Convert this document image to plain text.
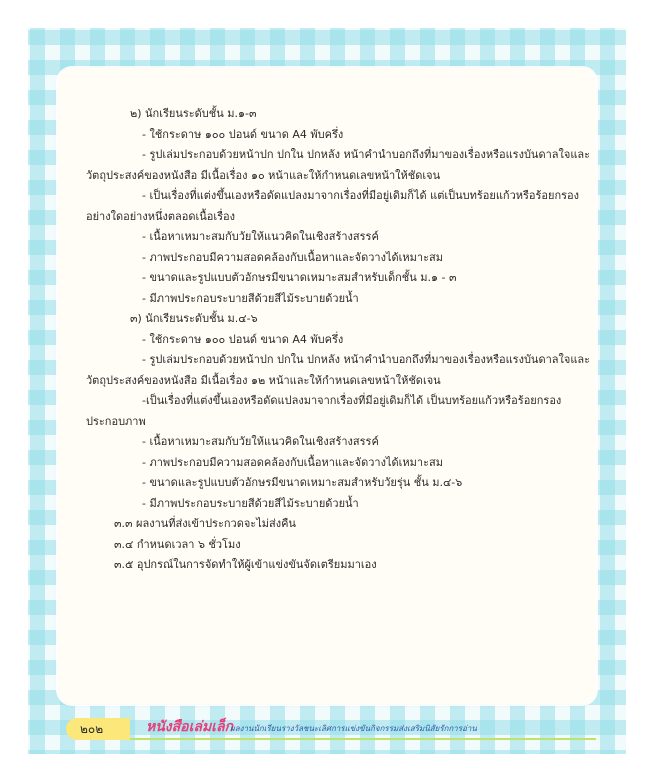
๒) นักเรียนระดับชั้น ม.๑-๓
- ใช้กระดาษ ๑๐๐ ปอนด์ ขนาด A4 พับครึ่ง
- รูปเล่มประกอบด้วยหน้าปก ปกใน ปกหลัง หน้าคำนำบอกถึงที่มาของเรื่องหรือแรงบันดาลใจและ
วัตถุประสงค์ของหนังสือ มีเนื้อเรื่อง ๑๐ หน้าและให้กำหนดเลขหน้าให้ชัดเจน
- เป็นเรื่องที่แต่งขึ้นเองหรือดัดแปลงมาจากเรื่องที่มีอยู่เดิมก็ได้ แต่เป็นบทร้อยแก้วหรือร้อยกรอง
อย่างใดอย่างหนึ่งตลอดเนื้อเรื่อง
- เนื้อหาเหมาะสมกับวัยให้แนวคิดในเชิงสร้างสรรค์
- ภาพประกอบมีความสอดคล้องกับเนื้อหาและจัดวางได้เหมาะสม
- ขนาดและรูปแบบตัวอักษรมีขนาดเหมาะสมสำหรับเด็กชั้น ม.๑ - ๓
- มีภาพประกอบระบายสีด้วยสีไม้ระบายด้วยน้ำ
๓) นักเรียนระดับชั้น ม.๔-๖
- ใช้กระดาษ ๑๐๐ ปอนด์ ขนาด A4 พับครึ่ง
- รูปเล่มประกอบด้วยหน้าปก ปกใน ปกหลัง หน้าคำนำบอกถึงที่มาของเรื่องหรือแรงบันดาลใจและ
วัตถุประสงค์ของหนังสือ มีเนื้อเรื่อง ๑๒ หน้าและให้กำหนดเลขหน้าให้ชัดเจน
-เป็นเรื่องที่แต่งขึ้นเองหรือดัดแปลงมาจากเรื่องที่มีอยู่เดิมก็ได้ เป็นบทร้อยแก้วหรือร้อยกรอง
ประกอบภาพ
- เนื้อหาเหมาะสมกับวัยให้แนวคิดในเชิงสร้างสรรค์
- ภาพประกอบมีความสอดคล้องกับเนื้อหาและจัดวางได้เหมาะสม
- ขนาดและรูปแบบตัวอักษรมีขนาดเหมาะสมสำหรับวัยรุ่น ชั้น ม.๔-๖
- มีภาพประกอบระบายสีด้วยสีไม้ระบายด้วยน้ำ
๓.๓ ผลงานที่ส่งเข้าประกวดจะไม่ส่งคืน
๓.๔ กำหนดเวลา ๖ ชั่วโมง
๓.๕ อุปกรณ์ในการจัดทำให้ผู้เข้าแข่งขันจัดเตรียมมาเอง
๒๐๒	หนังสือเล่มเล็ก
ผลงานนักเรียนรางวัลชนะเลิศการแข่งขันกิจกรรมส่งเสริมนิสัยรักการอ่าน
